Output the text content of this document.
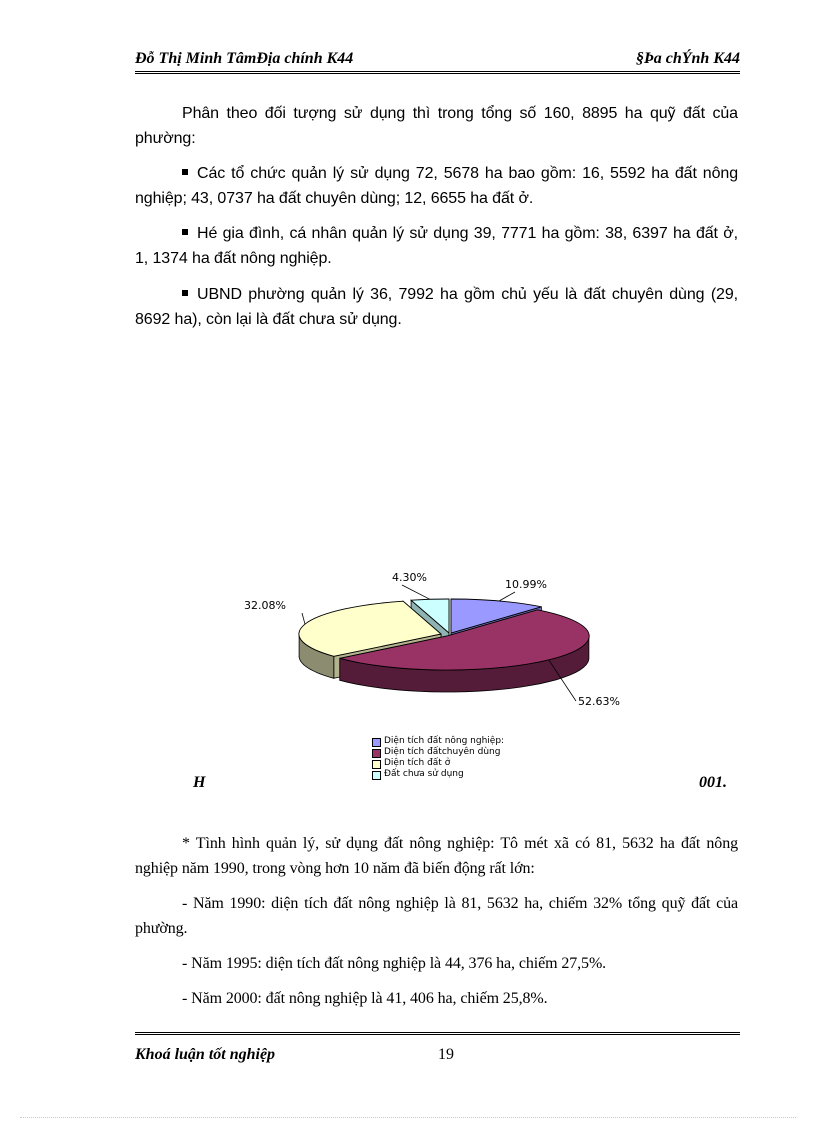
Đỗ Thị Minh TâmĐịa chính K44	§Þa chÝnh K44
Phân theo đối tượng sử dụng thì trong tổng số 160, 8895 ha quỹ đất của phường:
Các tổ chức quản lý sử dụng 72, 5678 ha bao gồm: 16, 5592 ha đất nông nghiệp; 43, 0737 ha đất chuyên dùng; 12, 6655 ha đất ở.
Hé gia đình, cá nhân quản lý sử dụng 39, 7771 ha gồm: 38, 6397 ha đất ở, 1, 1374 ha đất nông nghiệp.
UBND phường quản lý 36, 7992 ha gồm chủ yếu là đất chuyên dùng (29, 8692 ha), còn lại là đất chưa sử dụng.
10.99%
52.63%
32.08%
4.30%
Diện tích đất nông nghiệp:
Diện tích đấtchuyên dùng
Diện tích đất ở
Đất chưa sử dụng
H	001.
* Tình hình quản lý, sử dụng đất nông nghiệp: Tô mét xã có 81, 5632 ha đất nông nghiệp năm 1990, trong vòng hơn 10 năm đã biến động rất lớn:
- Năm 1990: diện tích đất nông nghiệp là 81, 5632 ha, chiếm 32% tổng quỹ đất của phường.
- Năm 1995: diện tích đất nông nghiệp là 44, 376 ha, chiếm 27,5%.
- Năm 2000: đất nông nghiệp là 41, 406 ha, chiếm 25,8%.
Khoá luận tốt nghiệp	19
